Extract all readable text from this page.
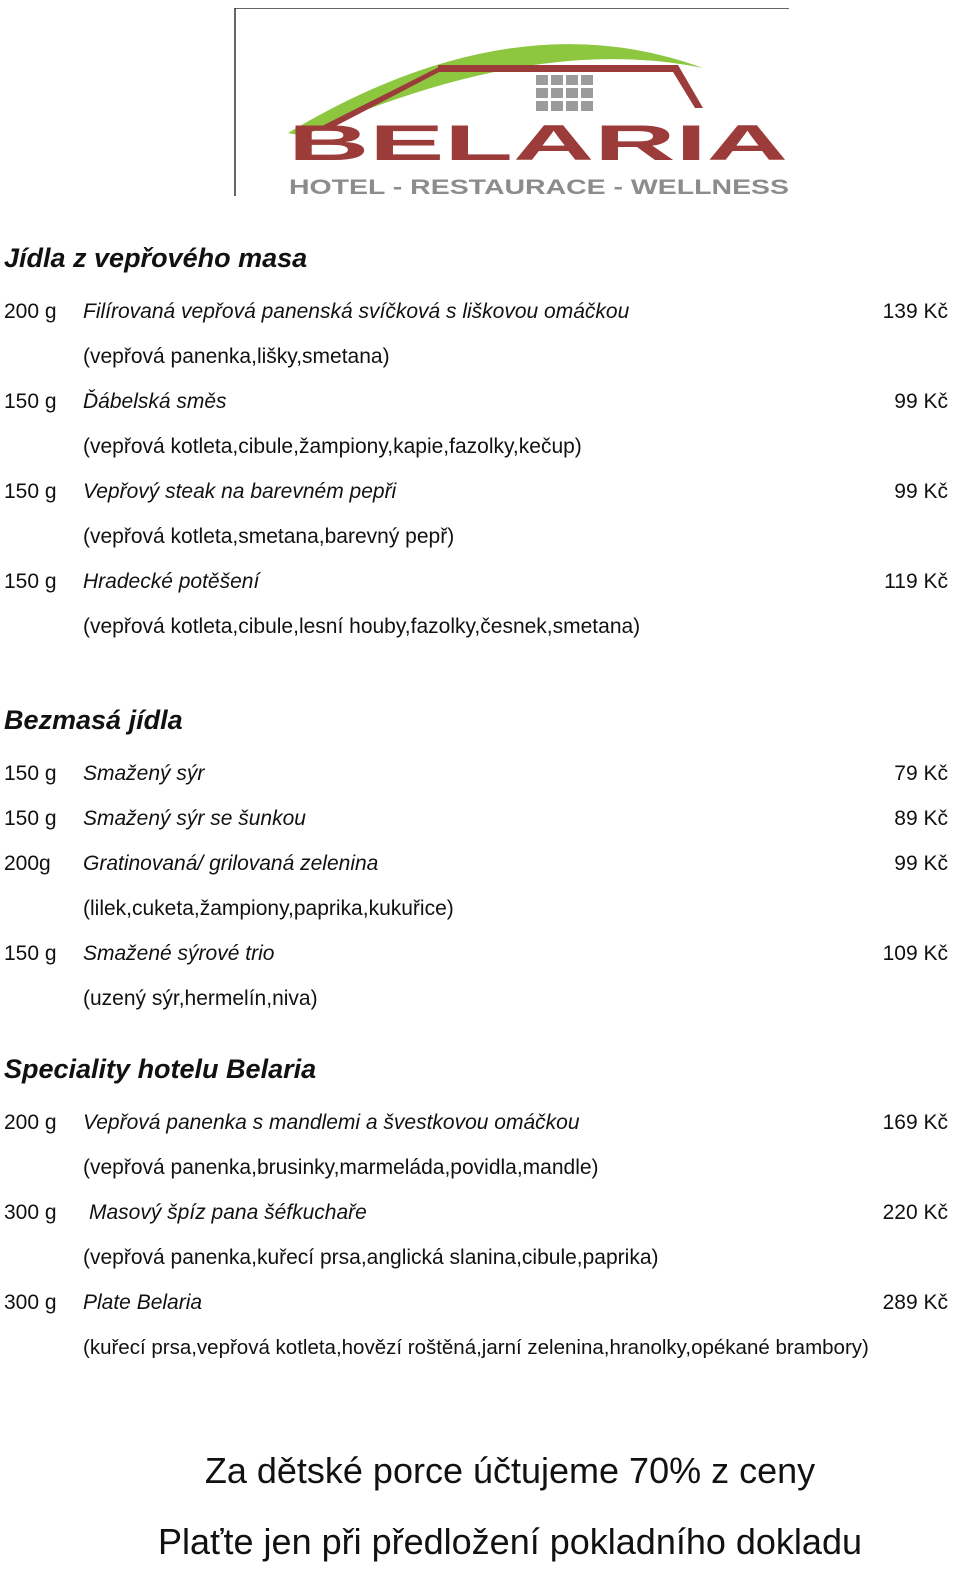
BELARIA
HOTEL - RESTAURACE - WELLNESS
Jídla z vepřového masa
200 g Filírovaná vepřová panenská svíčková s liškovou omáčkou	139 Kč
(vepřová panenka,lišky,smetana)
150 g Ďábelská směs	99 Kč
(vepřová kotleta,cibule,žampiony,kapie,fazolky,kečup)
150 g Vepřový steak na barevném pepři	99 Kč
(vepřová kotleta,smetana,barevný pepř)
150 g Hradecké potěšení	119 Kč
(vepřová kotleta,cibule,lesní houby,fazolky,česnek,smetana)
Bezmasá jídla
150 g Smažený sýr	79 Kč
150 g Smažený sýr se šunkou	89 Kč
200g Gratinovaná/ grilovaná zelenina	99 Kč
(lilek,cuketa,žampiony,paprika,kukuřice)
150 g Smažené sýrové trio	109 Kč
(uzený sýr,hermelín,niva)
Speciality hotelu Belaria
200 g Vepřová panenka s mandlemi a švestkovou omáčkou	169 Kč
(vepřová panenka,brusinky,marmeláda,povidla,mandle)
300 g Masový špíz pana šéfkuchaře	220 Kč
(vepřová panenka,kuřecí prsa,anglická slanina,cibule,paprika)
300 g Plate Belaria	289 Kč
(kuřecí prsa,vepřová kotleta,hovězí roštěná,jarní zelenina,hranolky,opékané brambory)
Za dětské porce účtujeme 70% z ceny
Plaťte jen při předložení pokladního dokladu
